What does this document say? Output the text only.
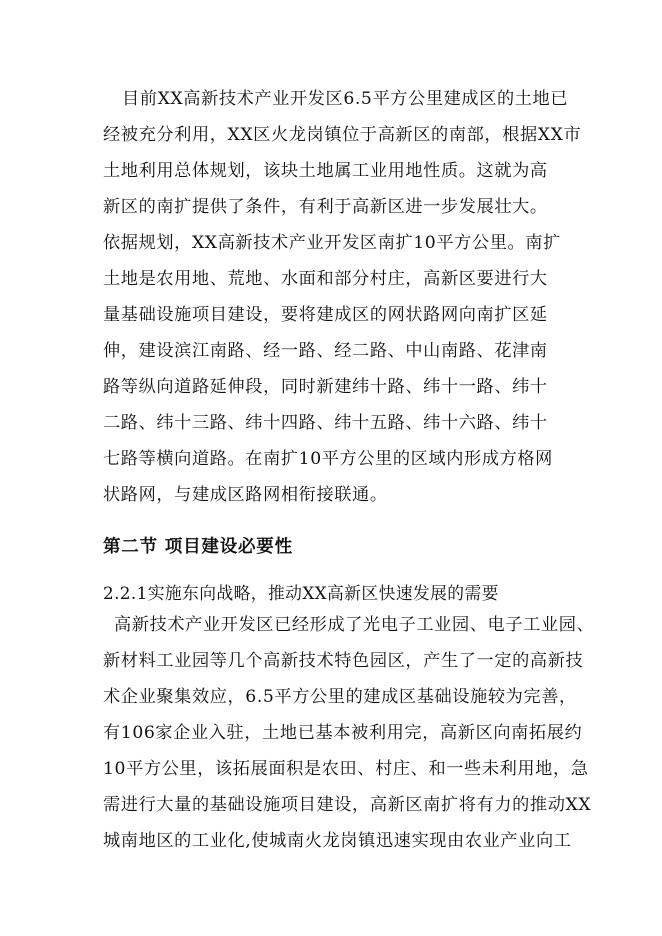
目前XX高新技术产业开发区6.5平方公里建成区的土地已
经被充分利用，XX区火龙岗镇位于高新区的南部，根据XX市
土地利用总体规划，该块土地属工业用地性质。这就为高
新区的南扩提供了条件，有利于高新区进一步发展壮大。
依据规划，XX高新技术产业开发区南扩10平方公里。南扩
土地是农用地、荒地、水面和部分村庄，高新区要进行大
量基础设施项目建设，要将建成区的网状路网向南扩区延
伸，建设滨江南路、经一路、经二路、中山南路、花津南
路等纵向道路延伸段，同时新建纬十路、纬十一路、纬十
二路、纬十三路、纬十四路、纬十五路、纬十六路、纬十
七路等横向道路。在南扩10平方公里的区域内形成方格网
状路网，与建成区路网相衔接联通。
第二节 项目建设必要性
2.2.1实施东向战略，推动XX高新区快速发展的需要
高新技术产业开发区已经形成了光电子工业园、电子工业园、
新材料工业园等几个高新技术特色园区，产生了一定的高新技
术企业聚集效应，6.5平方公里的建成区基础设施较为完善，
有106家企业入驻，土地已基本被利用完，高新区向南拓展约
10平方公里，该拓展面积是农田、村庄、和一些未利用地，急
需进行大量的基础设施项目建设，高新区南扩将有力的推动XX
城南地区的工业化,使城南火龙岗镇迅速实现由农业产业向工
